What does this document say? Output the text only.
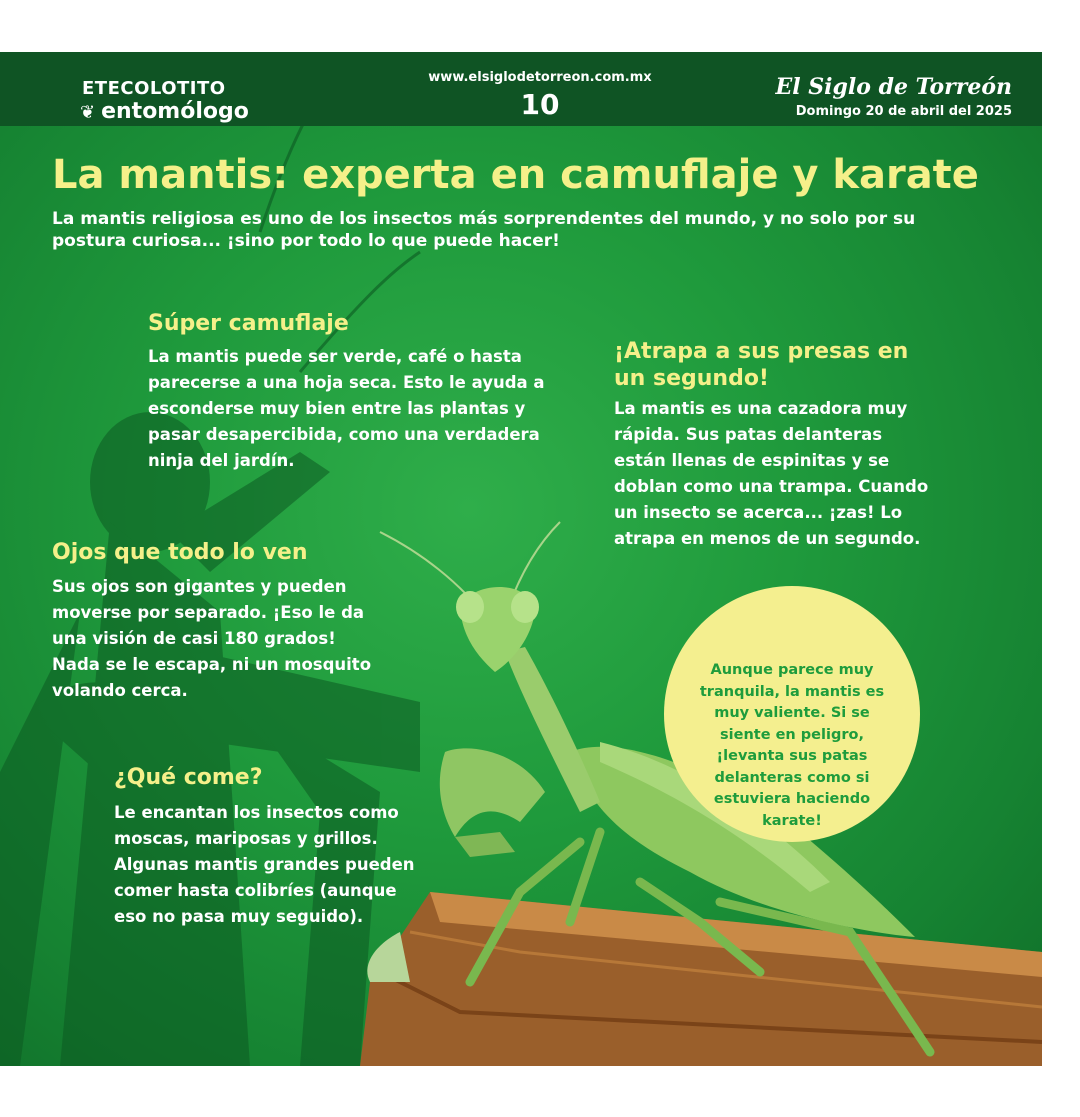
ETECOLOTITO
❦ entomólogo
www.elsiglodetorreon.com.mx
10
El Siglo de Torreón
Domingo 20 de abril del 2025
La mantis: experta en camuflaje y karate
La mantis religiosa es uno de los insectos más sorprendentes del mundo, y no solo por su postura curiosa... ¡sino por todo lo que puede hacer!
Súper camuflaje
La mantis puede ser verde, café o hasta parecerse a una hoja seca. Esto le ayuda a esconderse muy bien entre las plantas y pasar desapercibida, como una verdadera ninja del jardín.
¡Atrapa a sus presas en un segundo!
La mantis es una cazadora muy rápida. Sus patas delanteras están llenas de espinitas y se doblan como una trampa. Cuando un insecto se acerca... ¡zas! Lo atrapa en menos de un segundo.
Ojos que todo lo ven
Sus ojos son gigantes y pueden moverse por separado. ¡Eso le da una visión de casi 180 grados! Nada se le escapa, ni un mosquito volando cerca.
¿Qué come?
Le encantan los insectos como moscas, mariposas y grillos. Algunas mantis grandes pueden comer hasta colibríes (aunque eso no pasa muy seguido).
Aunque parece muy tranquila, la mantis es muy valiente. Si se siente en peligro, ¡levanta sus patas delanteras como si estuviera haciendo karate!
